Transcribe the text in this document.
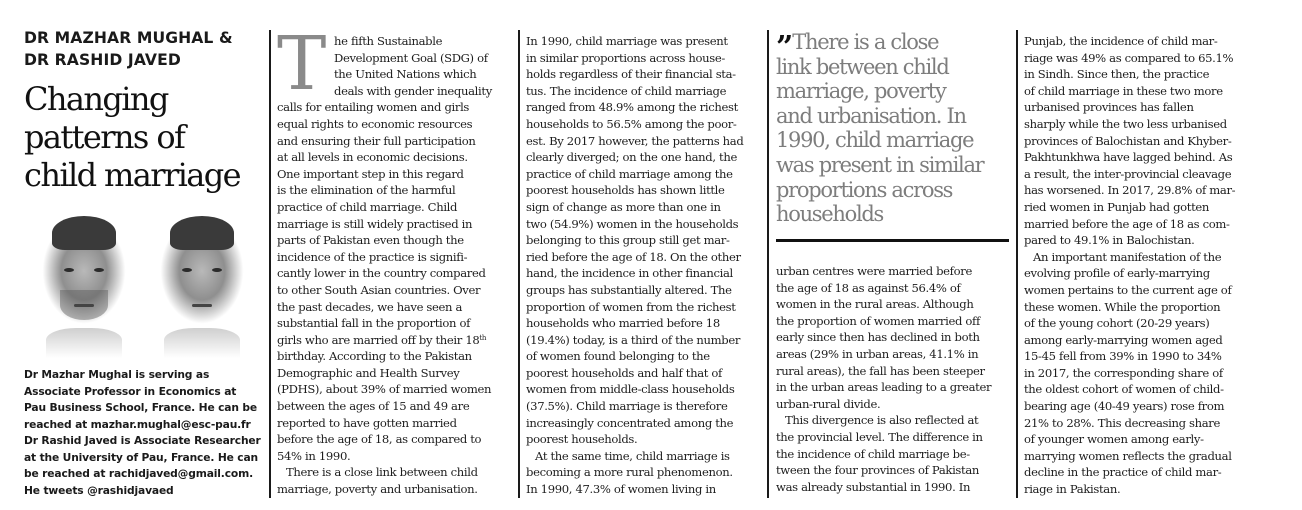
DR MAZHAR MUGHAL &
DR RASHID JAVED
Changing
patterns of
child marriage
Dr Mazhar Mughal is serving as
Associate Professor in Economics at
Pau Business School, France. He can be
reached at mazhar.mughal@esc-pau.fr
Dr Rashid Javed is Associate Researcher
at the University of Pau, France. He can
be reached at rachidjaved@gmail.com.
He tweets @rashidjavaed
T he fifth Sustainable
Development Goal (SDG) of
the United Nations which
deals with gender inequality
calls for entailing women and girls
equal rights to economic resources
and ensuring their full participation
at all levels in economic decisions.
One important step in this regard
is the elimination of the harmful
practice of child marriage. Child
marriage is still widely practised in
parts of Pakistan even though the
incidence of the practice is signifi-
cantly lower in the country compared
to other South Asian countries. Over
the past decades, we have seen a
substantial fall in the proportion of
girls who are married off by their 18th
birthday. According to the Pakistan
Demographic and Health Survey
(PDHS), about 39% of married women
between the ages of 15 and 49 are
reported to have gotten married
before the age of 18, as compared to
54% in 1990.
There is a close link between child
marriage, poverty and urbanisation.
In 1990, child marriage was present
in similar proportions across house-
holds regardless of their financial sta-
tus. The incidence of child marriage
ranged from 48.9% among the richest
households to 56.5% among the poor-
est. By 2017 however, the patterns had
clearly diverged; on the one hand, the
practice of child marriage among the
poorest households has shown little
sign of change as more than one in
two (54.9%) women in the households
belonging to this group still get mar-
ried before the age of 18. On the other
hand, the incidence in other financial
groups has substantially altered. The
proportion of women from the richest
households who married before 18
(19.4%) today, is a third of the number
of women found belonging to the
poorest households and half that of
women from middle-class households
(37.5%). Child marriage is therefore
increasingly concentrated among the
poorest households.
At the same time, child marriage is
becoming a more rural phenomenon.
In 1990, 47.3% of women living in
” There is a close
link between child
marriage, poverty
and urbanisation. In
1990, child marriage
was present in similar
proportions across
households
urban centres were married before
the age of 18 as against 56.4% of
women in the rural areas. Although
the proportion of women married off
early since then has declined in both
areas (29% in urban areas, 41.1% in
rural areas), the fall has been steeper
in the urban areas leading to a greater
urban-rural divide.
This divergence is also reflected at
the provincial level. The difference in
the incidence of child marriage be-
tween the four provinces of Pakistan
was already substantial in 1990. In
Punjab, the incidence of child mar-
riage was 49% as compared to 65.1%
in Sindh. Since then, the practice
of child marriage in these two more
urbanised provinces has fallen
sharply while the two less urbanised
provinces of Balochistan and Khyber-
Pakhtunkhwa have lagged behind. As
a result, the inter-provincial cleavage
has worsened. In 2017, 29.8% of mar-
ried women in Punjab had gotten
married before the age of 18 as com-
pared to 49.1% in Balochistan.
An important manifestation of the
evolving profile of early-marrying
women pertains to the current age of
these women. While the proportion
of the young cohort (20-29 years)
among early-marrying women aged
15-45 fell from 39% in 1990 to 34%
in 2017, the corresponding share of
the oldest cohort of women of child-
bearing age (40-49 years) rose from
21% to 28%. This decreasing share
of younger women among early-
marrying women reflects the gradual
decline in the practice of child mar-
riage in Pakistan.
